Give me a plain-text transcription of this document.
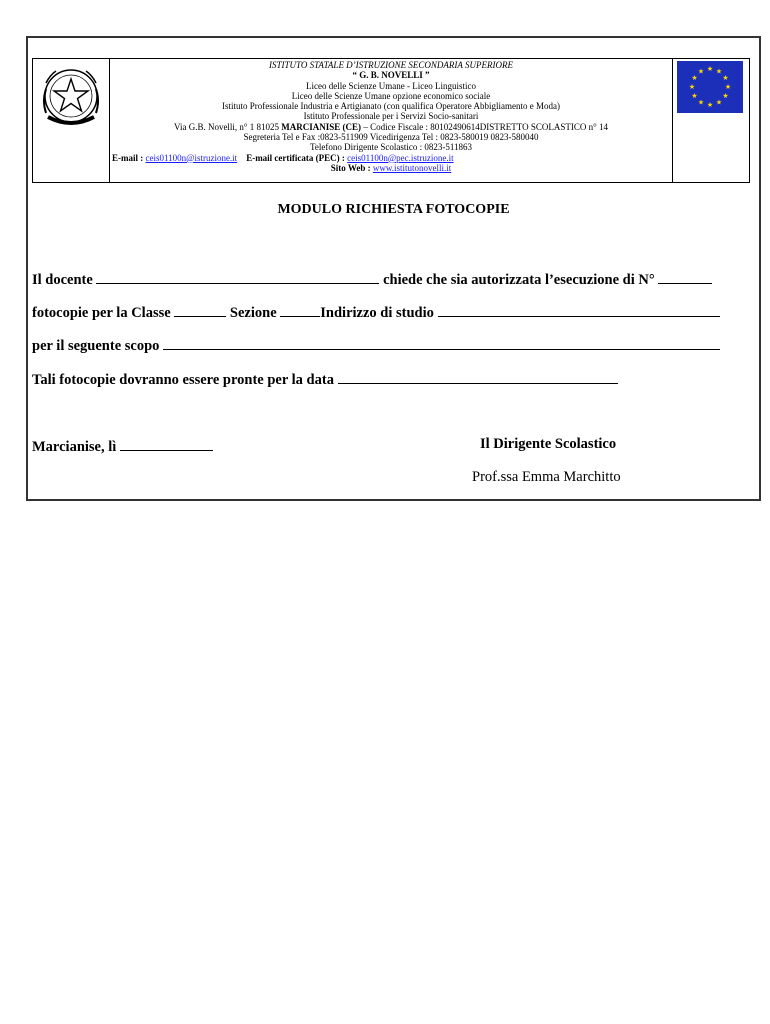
ISTITUTO STATALE D’ISTRUZIONE SECONDARIA SUPERIORE
“ G. B. NOVELLI ”
Liceo delle Scienze Umane - Liceo Linguistico
Liceo delle Scienze Umane opzione economico sociale
Istituto Professionale Industria e Artigianato (con qualifica Operatore Abbigliamento e Moda)
Istituto Professionale per i Servizi Socio-sanitari
Via G.B. Novelli, n° 1 81025 MARCIANISE (CE) – Codice Fiscale : 80102490614DISTRETTO SCOLASTICO n° 14
Segreteria Tel e Fax :0823-511909 Vicedirigenza Tel : 0823-580019 0823-580040
Telefono Dirigente Scolastico : 0823-511863
E-mail : ceis01100n@istruzione.it E-mail certificata (PEC) : ceis01100n@pec.istruzione.it
Sito Web : www.istitutonovelli.it
★ ★
★
★
★
★
★
★
★
★
★
★
MODULO RICHIESTA FOTOCOPIE
Il docente	chiede che sia autorizzata l’esecuzione di N°
fotocopie per la Classe	Sezione	Indirizzo di studio
per il seguente scopo
Tali fotocopie dovranno essere pronte per la data
Marcianise, lì	Il Dirigente Scolastico
Prof.ssa Emma Marchitto
